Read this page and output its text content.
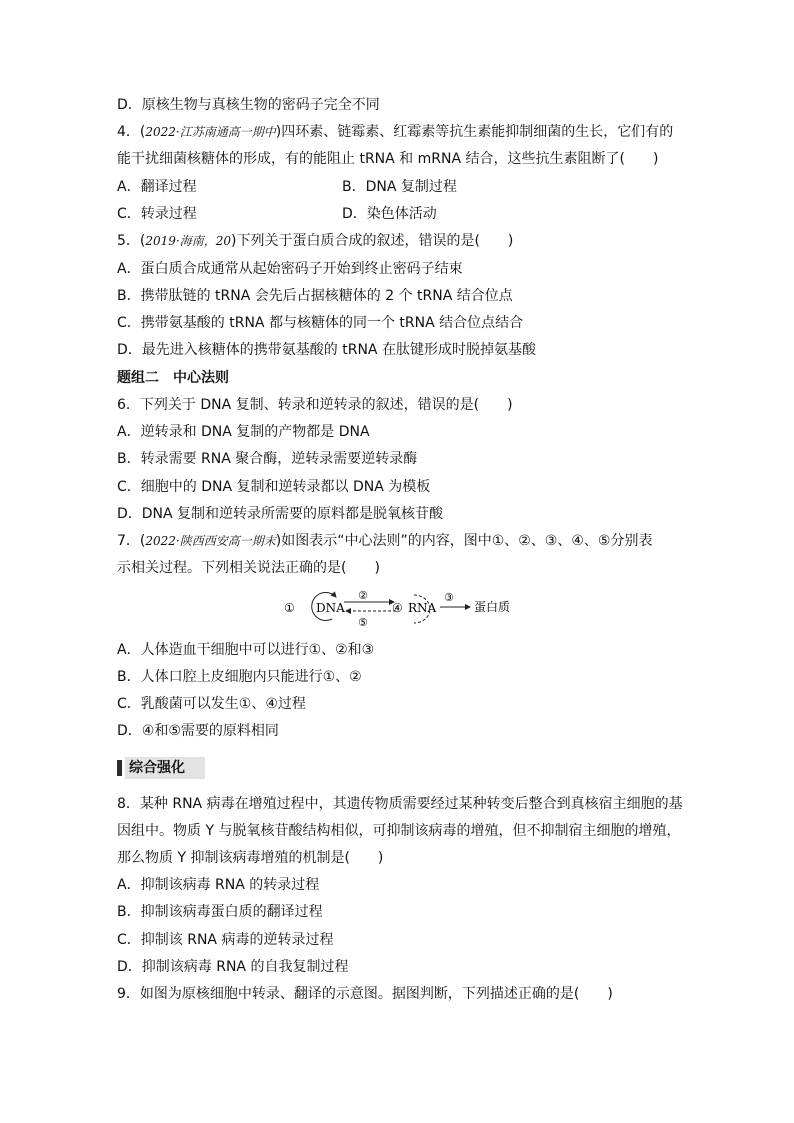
综合强化
① DNA
②
⑤
④ RNA
③
蛋白质
D．原核生物与真核生物的密码子完全不同
4．(2022·江苏南通高一期中)四环素、链霉素、红霉素等抗生素能抑制细菌的生长，它们有的
能干扰细菌核糖体的形成，有的能阻止 tRNA 和 mRNA 结合，这些抗生素阻断了(　　)
A．翻译过程
C．转录过程
5．(2019·海南，20)下列关于蛋白质合成的叙述，错误的是(　　)
A．蛋白质合成通常从起始密码子开始到终止密码子结束
B．携带肽链的 tRNA 会先后占据核糖体的 2 个 tRNA 结合位点
C．携带氨基酸的 tRNA 都与核糖体的同一个 tRNA 结合位点结合
D．最先进入核糖体的携带氨基酸的 tRNA 在肽键形成时脱掉氨基酸
题组二　中心法则
6．下列关于 DNA 复制、转录和逆转录的叙述，错误的是(　　)
A．逆转录和 DNA 复制的产物都是 DNA
B．转录需要 RNA 聚合酶，逆转录需要逆转录酶
C．细胞中的 DNA 复制和逆转录都以 DNA 为模板
D．DNA 复制和逆转录所需要的原料都是脱氧核苷酸
7．(2022·陕西西安高一期末)如图表示“中心法则”的内容，图中①、②、③、④、⑤分别表
示相关过程。下列相关说法正确的是(　　)
A．人体造血干细胞中可以进行①、②和③
B．人体口腔上皮细胞内只能进行①、②
C．乳酸菌可以发生①、④过程
D．④和⑤需要的原料相同
8．某种 RNA 病毒在增殖过程中，其遗传物质需要经过某种转变后整合到真核宿主细胞的基
因组中。物质 Y 与脱氧核苷酸结构相似，可抑制该病毒的增殖，但不抑制宿主细胞的增殖，
那么物质 Y 抑制该病毒增殖的机制是(　　)
A．抑制该病毒 RNA 的转录过程
B．抑制该病毒蛋白质的翻译过程
C．抑制该 RNA 病毒的逆转录过程
D．抑制该病毒 RNA 的自我复制过程
9．如图为原核细胞中转录、翻译的示意图。据图判断，下列描述正确的是(　　)
B．DNA 复制过程
D．染色体活动
